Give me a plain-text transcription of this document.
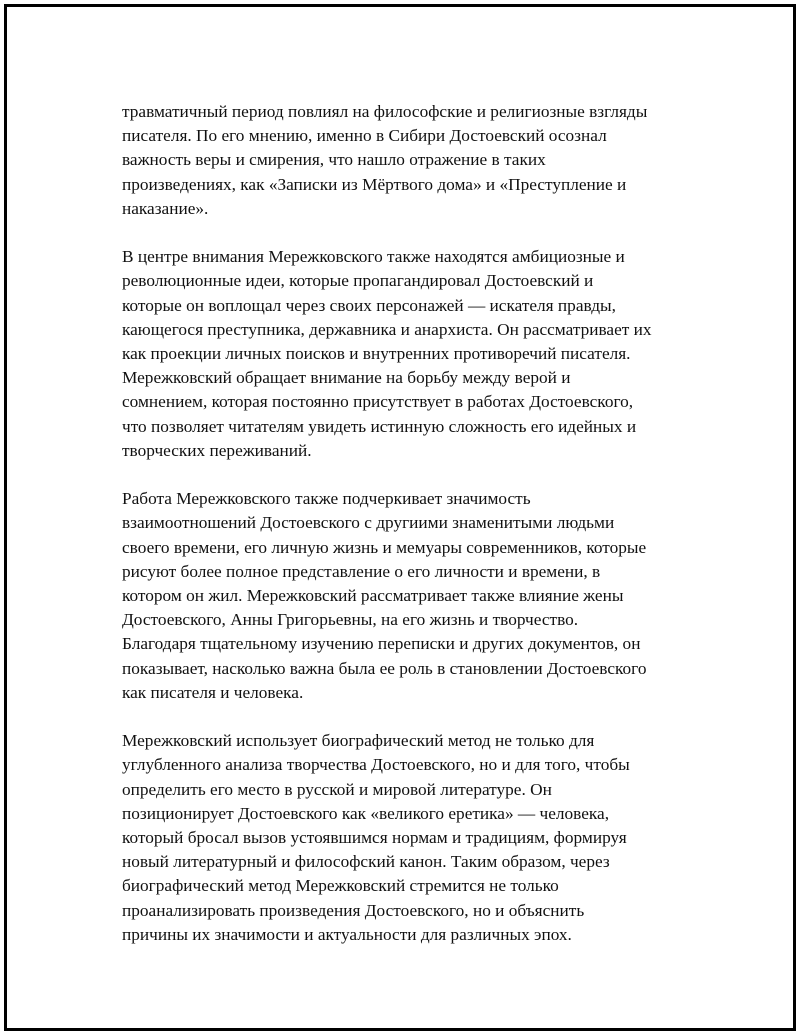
травматичный период повлиял на философские и религиозные взгляды
писателя. По его мнению, именно в Сибири Достоевский осознал
важность веры и смирения, что нашло отражение в таких
произведениях, как «Записки из Мёртвого дома» и «Преступление и
наказание».

В центре внимания Мережковского также находятся амбициозные и
революционные идеи, которые пропагандировал Достоевский и
которые он воплощал через своих персонажей — искателя правды,
кающегося преступника, державника и анархиста. Он рассматривает их
как проекции личных поисков и внутренних противоречий писателя.
Мережковский обращает внимание на борьбу между верой и
сомнением, которая постоянно присутствует в работах Достоевского,
что позволяет читателям увидеть истинную сложность его идейных и
творческих переживаний.

Работа Мережковского также подчеркивает значимость
взаимоотношений Достоевского с другиими знаменитыми людьми
своего времени, его личную жизнь и мемуары современников, которые
рисуют более полное представление о его личности и времени, в
котором он жил. Мережковский рассматривает также влияние жены
Достоевского, Анны Григорьевны, на его жизнь и творчество.
Благодаря тщательному изучению переписки и других документов, он
показывает, насколько важна была ее роль в становлении Достоевского
как писателя и человека.

Мережковский использует биографический метод не только для
углубленного анализа творчества Достоевского, но и для того, чтобы
определить его место в русской и мировой литературе. Он
позиционирует Достоевского как «великого еретика» — человека,
который бросал вызов устоявшимся нормам и традициям, формируя
новый литературный и философский канон. Таким образом, через
биографический метод Мережковский стремится не только
проанализировать произведения Достоевского, но и объяснить
причины их значимости и актуальности для различных эпох.
